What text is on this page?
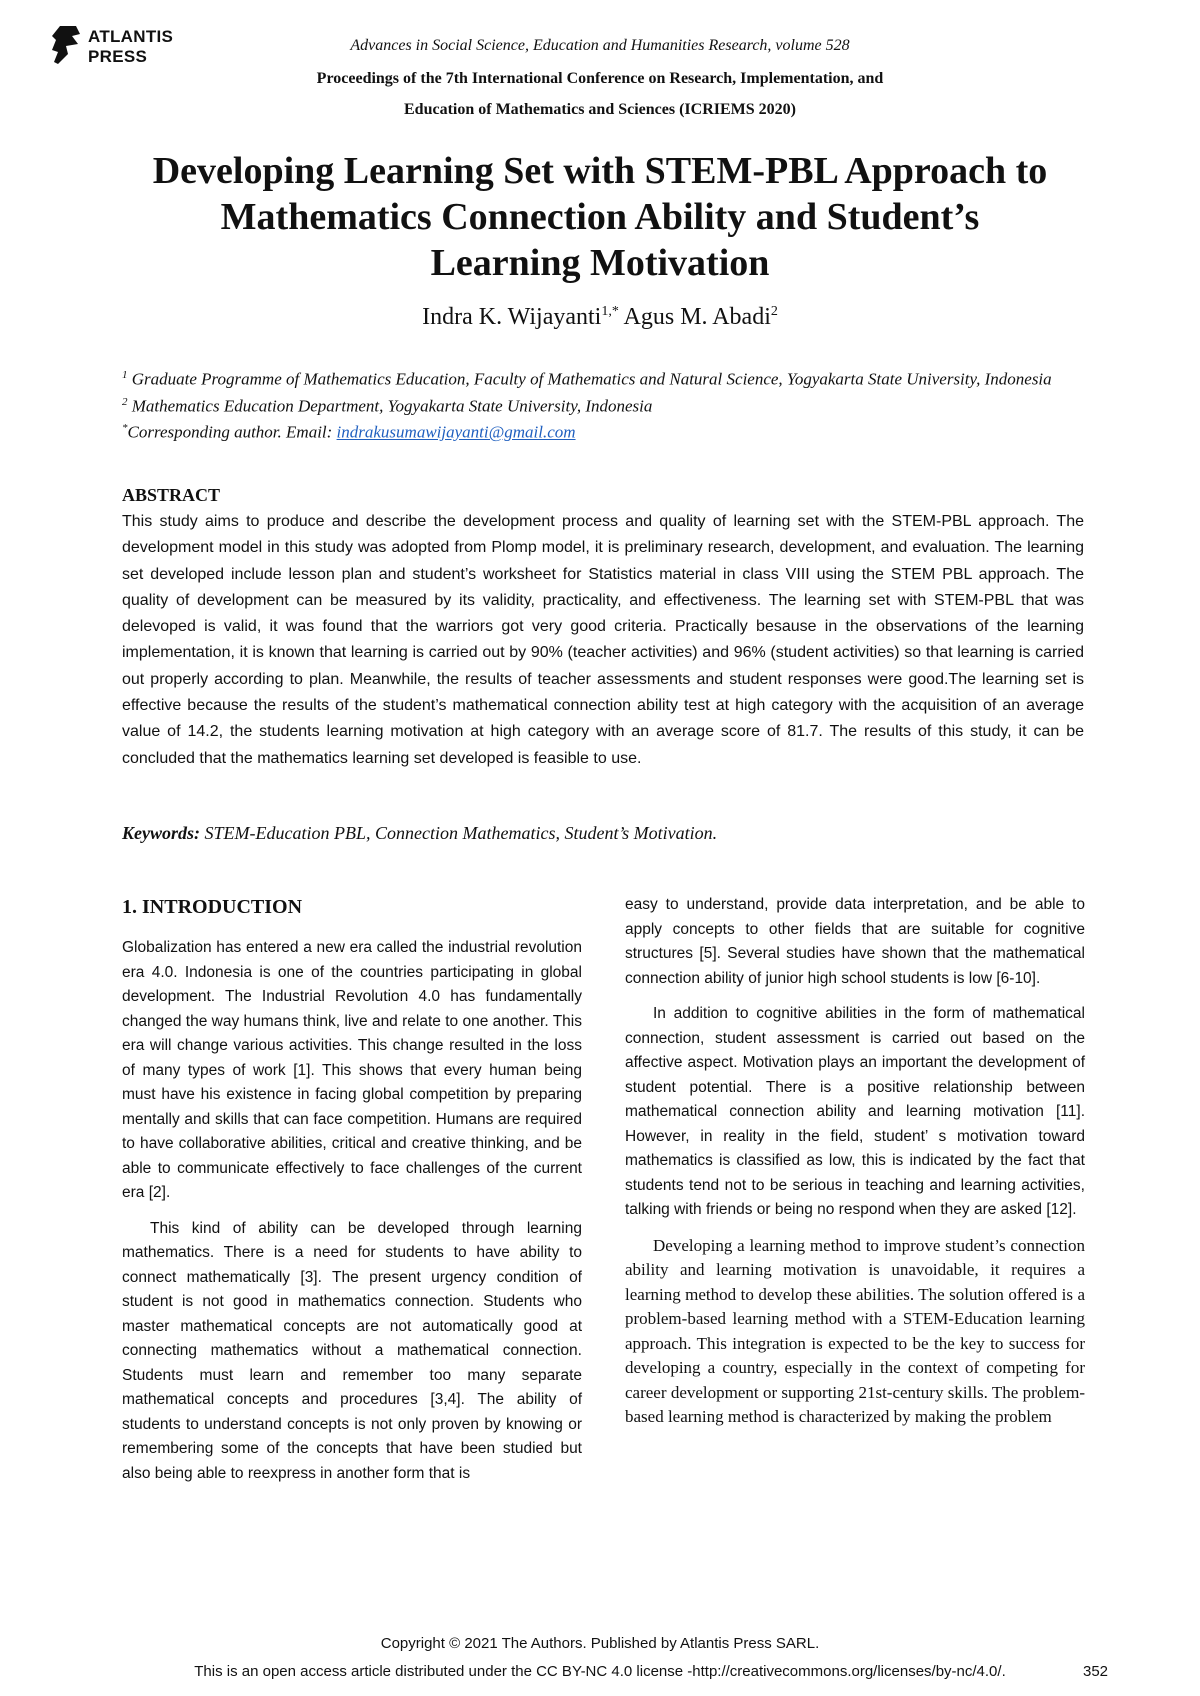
ATLANTIS
PRESS
Advances in Social Science, Education and Humanities Research, volume 528
Proceedings of the 7th International Conference on Research, Implementation, and
Education of Mathematics and Sciences (ICRIEMS 2020)
Developing Learning Set with STEM-PBL Approach to
Mathematics Connection Ability and Student’s
Learning Motivation
Indra K. Wijayanti$^{1,*}$ Agus M. Abadi$^2$
$^1$ Graduate Programme of Mathematics Education, Faculty of Mathematics and Natural Science, Yogyakarta State University, Indonesia
$^2$ Mathematics Education Department, Yogyakarta State University, Indonesia
*Corresponding author. Email: indrakusumawijayanti@gmail.com
ABSTRACT
This study aims to produce and describe the development process and quality of learning set with the STEM-PBL approach. The development model in this study was adopted from Plomp model, it is preliminary research, development, and evaluation. The learning set developed include lesson plan and student’s worksheet for Statistics material in class VIII using the STEM PBL approach. The quality of development can be measured by its validity, practicality, and effectiveness. The learning set with STEM-PBL that was delevoped is valid, it was found that the warriors got very good criteria. Practically besause in the observations of the learning implementation, it is known that learning is carried out by 90% (teacher activities) and 96% (student activities) so that learning is carried out properly according to plan. Meanwhile, the results of teacher assessments and student responses were good.The learning set is effective because the results of the student’s mathematical connection ability test at high category with the acquisition of an average value of 14.2, the students learning motivation at high category with an average score of 81.7. The results of this study, it can be concluded that the mathematics learning set developed is feasible to use.
Keywords: STEM-Education PBL, Connection Mathematics, Student’s Motivation.

1. INTRODUCTION

Globalization has entered a new era called the industrial revolution era 4.0. Indonesia is one of the countries participating in global development. The Industrial Revolution 4.0 has fundamentally changed the way humans think, live and relate to one another. This era will change various activities. This change resulted in the loss of many types of work [1]. This shows that every human being must have his existence in facing global competition by preparing mentally and skills that can face competition. Humans are required to have collaborative abilities, critical and creative thinking, and be able to communicate effectively to face challenges of the current era [2].

This kind of ability can be developed through learning mathematics. There is a need for students to have ability to connect mathematically [3]. The present urgency condition of student is not good in mathematics connection. Students who master mathematical concepts are not automatically good at connecting mathematics without a mathematical connection. Students must learn and remember too many separate mathematical concepts and procedures [3,4]. The ability of students to understand concepts is not only proven by knowing or remembering some of the concepts that have been studied but also being able to reexpress in another form that is

easy to understand, provide data interpretation, and be able to apply concepts to other fields that are suitable for cognitive structures [5]. Several studies have shown that the mathematical connection ability of junior high school students is low [6-10].

In addition to cognitive abilities in the form of mathematical connection, student assessment is carried out based on the affective aspect. Motivation plays an important the development of student potential. There is a positive relationship between mathematical connection ability and learning motivation [11]. However, in reality in the field, student’ s motivation toward mathematics is classified as low, this is indicated by the fact that students tend not to be serious in teaching and learning activities, talking with friends or being no respond when they are asked [12].

Developing a learning method to improve student’s connection ability and learning motivation is unavoidable, it requires a learning method to develop these abilities. The solution offered is a problem-based learning method with a STEM-Education learning approach. This integration is expected to be the key to success for developing a country, especially in the context of competing for career development or supporting 21st-century skills. The problem-based learning method is characterized by making the problem

Copyright © 2021 The Authors. Published by Atlantis Press SARL.
This is an open access article distributed under the CC BY-NC 4.0 license -http://creativecommons.org/licenses/by-nc/4.0/.	352
